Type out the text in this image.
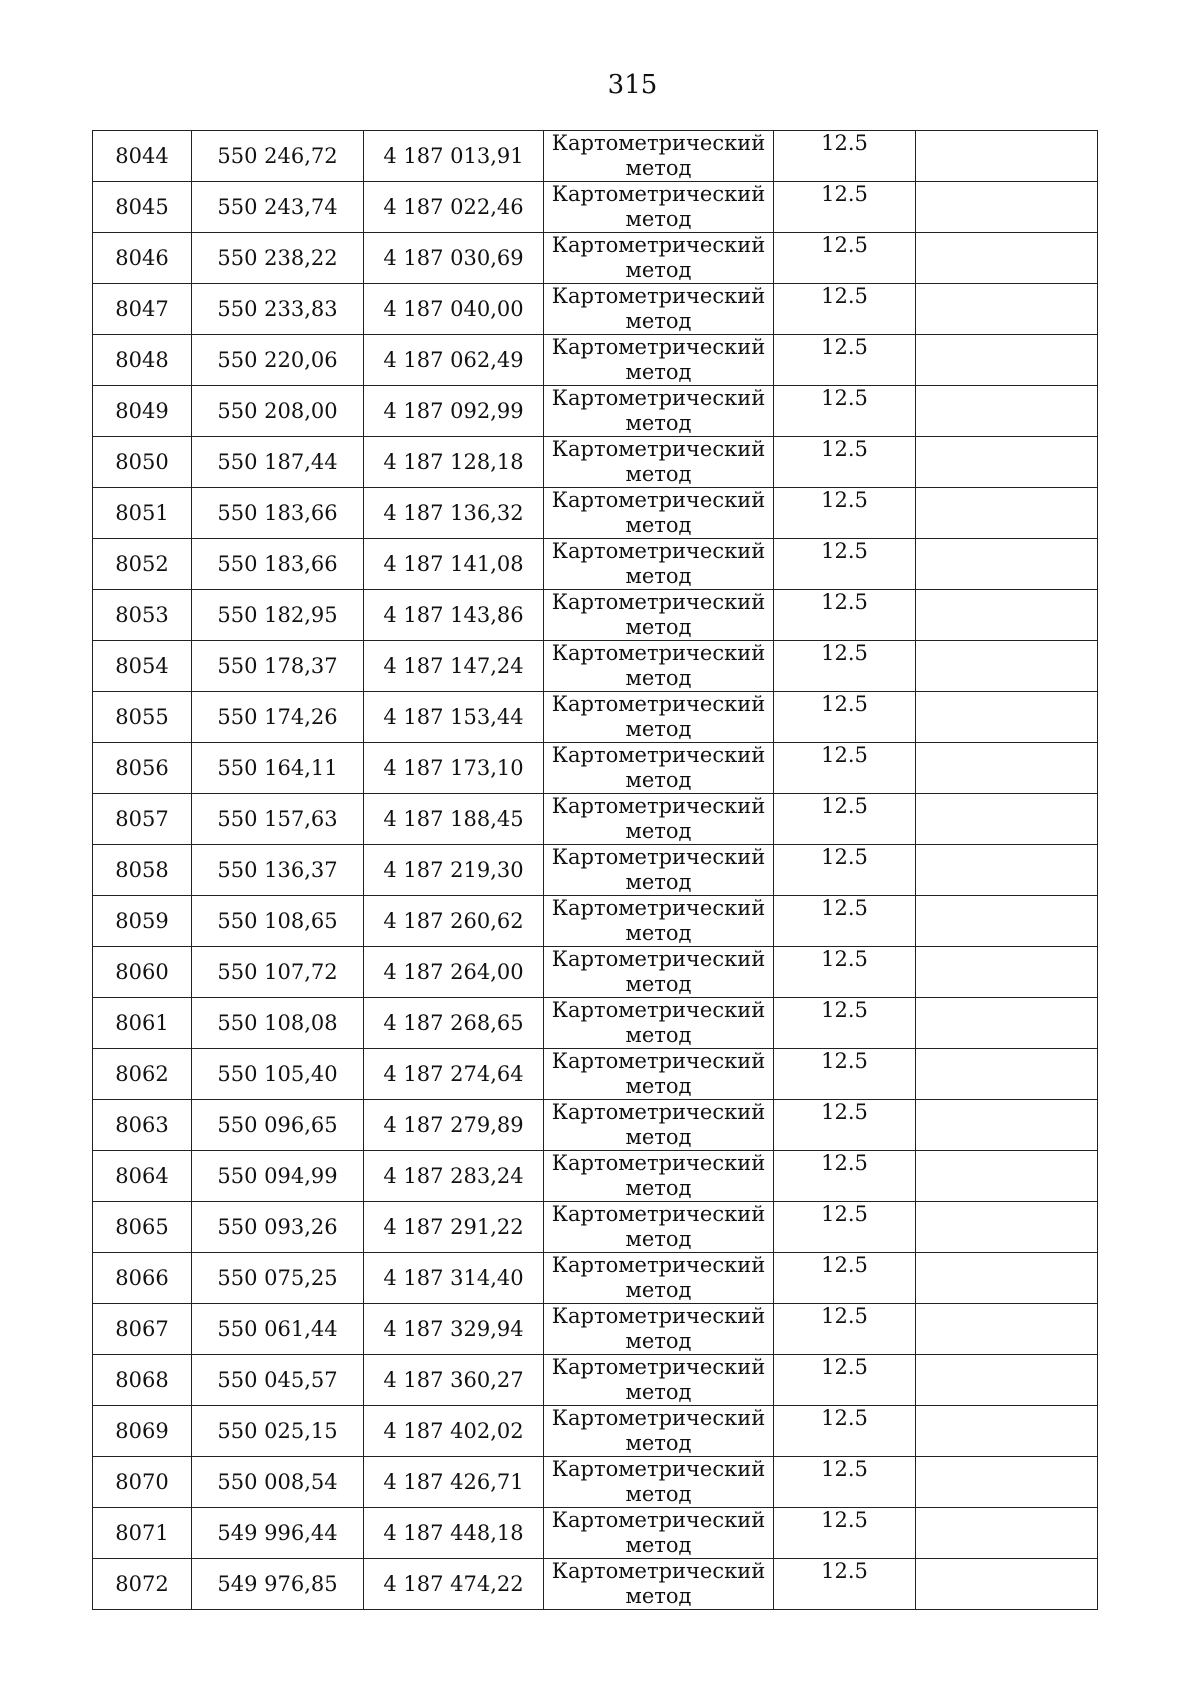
315
8044	550 246,72	4 187 013,91	Картометрический
метод	12.5	
8045	550 243,74	4 187 022,46	Картометрический
метод	12.5	
8046	550 238,22	4 187 030,69	Картометрический
метод	12.5	
8047	550 233,83	4 187 040,00	Картометрический
метод	12.5	
8048	550 220,06	4 187 062,49	Картометрический
метод	12.5	
8049	550 208,00	4 187 092,99	Картометрический
метод	12.5	
8050	550 187,44	4 187 128,18	Картометрический
метод	12.5	
8051	550 183,66	4 187 136,32	Картометрический
метод	12.5	
8052	550 183,66	4 187 141,08	Картометрический
метод	12.5	
8053	550 182,95	4 187 143,86	Картометрический
метод	12.5	
8054	550 178,37	4 187 147,24	Картометрический
метод	12.5	
8055	550 174,26	4 187 153,44	Картометрический
метод	12.5	
8056	550 164,11	4 187 173,10	Картометрический
метод	12.5	
8057	550 157,63	4 187 188,45	Картометрический
метод	12.5	
8058	550 136,37	4 187 219,30	Картометрический
метод	12.5	
8059	550 108,65	4 187 260,62	Картометрический
метод	12.5	
8060	550 107,72	4 187 264,00	Картометрический
метод	12.5	
8061	550 108,08	4 187 268,65	Картометрический
метод	12.5	
8062	550 105,40	4 187 274,64	Картометрический
метод	12.5	
8063	550 096,65	4 187 279,89	Картометрический
метод	12.5	
8064	550 094,99	4 187 283,24	Картометрический
метод	12.5	
8065	550 093,26	4 187 291,22	Картометрический
метод	12.5	
8066	550 075,25	4 187 314,40	Картометрический
метод	12.5	
8067	550 061,44	4 187 329,94	Картометрический
метод	12.5	
8068	550 045,57	4 187 360,27	Картометрический
метод	12.5	
8069	550 025,15	4 187 402,02	Картометрический
метод	12.5	
8070	550 008,54	4 187 426,71	Картометрический
метод	12.5	
8071	549 996,44	4 187 448,18	Картометрический
метод	12.5	
8072	549 976,85	4 187 474,22	Картометрический
метод	12.5	
